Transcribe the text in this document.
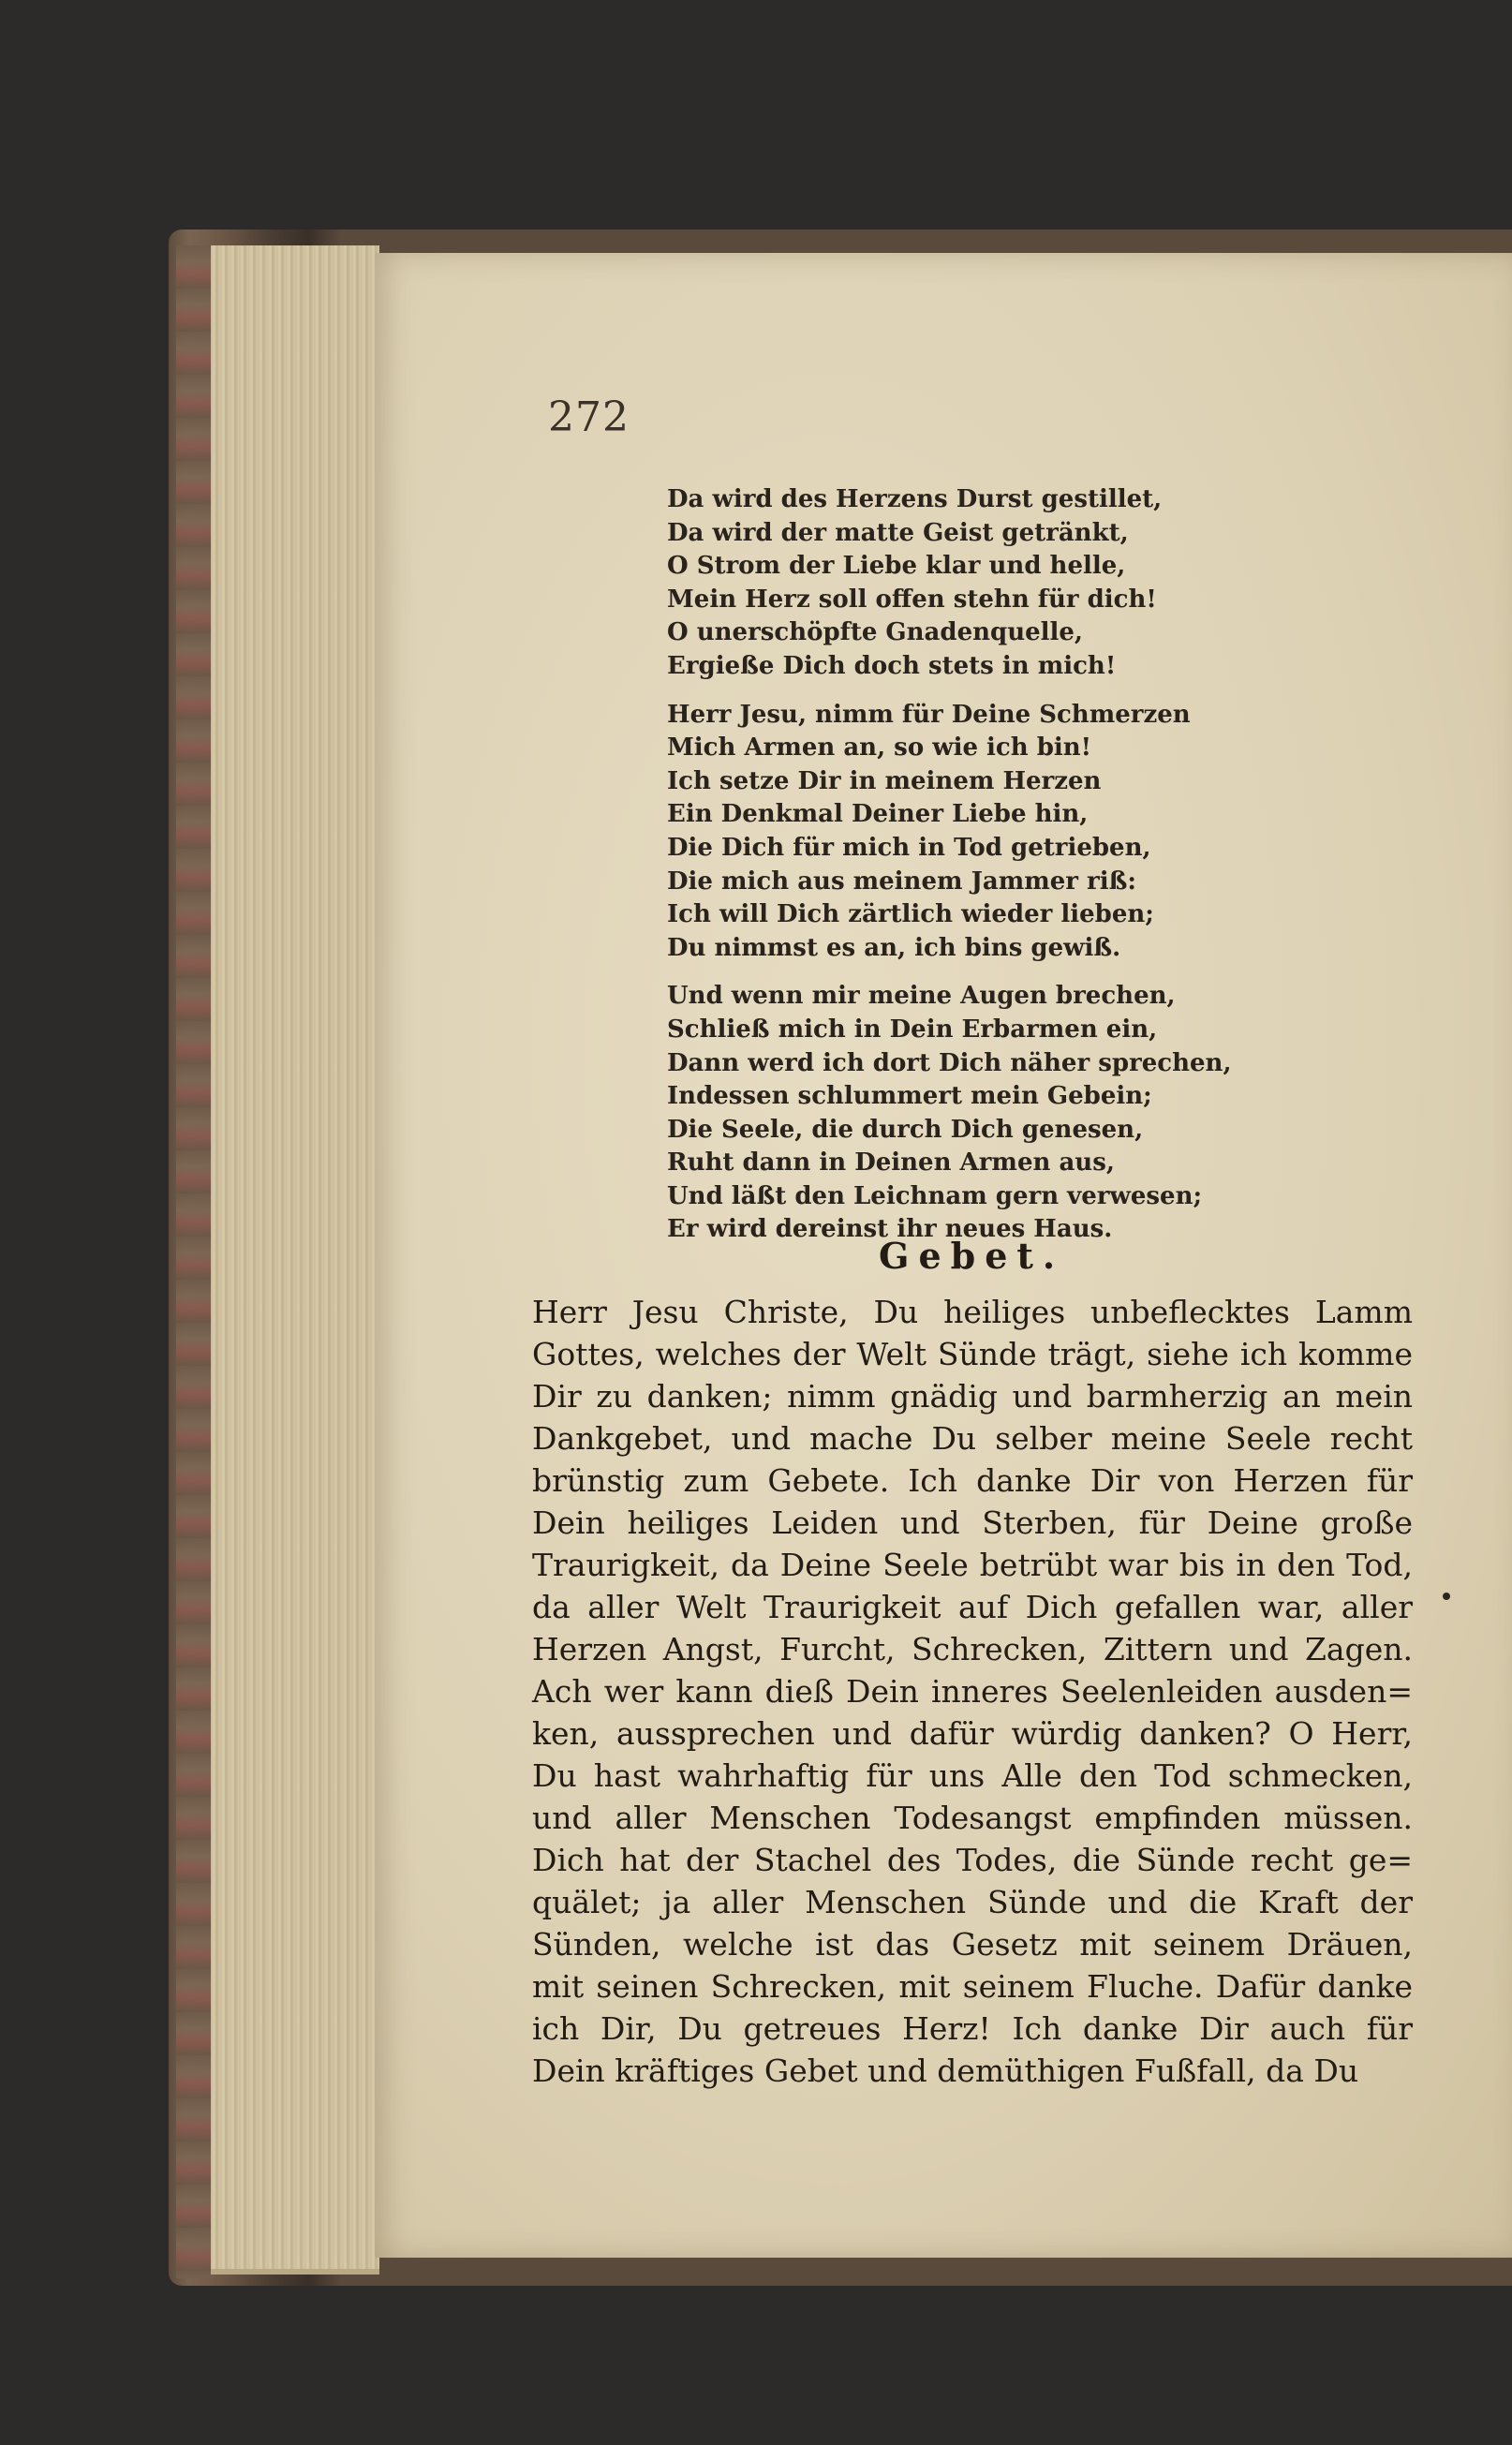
272
Da wird des Herzens Durst gestillet,
Da wird der matte Geist getränkt,
O Strom der Liebe klar und helle,
Mein Herz soll offen stehn für dich!
O unerschöpfte Gnadenquelle,
Ergieße Dich doch stets in mich!
Herr Jesu, nimm für Deine Schmerzen
Mich Armen an, so wie ich bin!
Ich setze Dir in meinem Herzen
Ein Denkmal Deiner Liebe hin,
Die Dich für mich in Tod getrieben,
Die mich aus meinem Jammer riß:
Ich will Dich zärtlich wieder lieben;
Du nimmst es an, ich bins gewiß.
Und wenn mir meine Augen brechen,
Schließ mich in Dein Erbarmen ein,
Dann werd ich dort Dich näher sprechen,
Indessen schlummert mein Gebein;
Die Seele, die durch Dich genesen,
Ruht dann in Deinen Armen aus,
Und läßt den Leichnam gern verwesen;
Er wird dereinst ihr neues Haus.
Gebet.
Herr Jesu Christe, Du heiliges unbeflecktes Lamm
Gottes, welches der Welt Sünde trägt, siehe ich komme
Dir zu danken; nimm gnädig und barmherzig an mein
Dankgebet, und mache Du selber meine Seele recht
brünstig zum Gebete. Ich danke Dir von Herzen für
Dein heiliges Leiden und Sterben, für Deine große
Traurigkeit, da Deine Seele betrübt war bis in den Tod,
da aller Welt Traurigkeit auf Dich gefallen war, aller
Herzen Angst, Furcht, Schrecken, Zittern und Zagen.
Ach wer kann dieß Dein inneres Seelenleiden ausden=
ken, aussprechen und dafür würdig danken? O Herr,
Du hast wahrhaftig für uns Alle den Tod schmecken,
und aller Menschen Todesangst empfinden müssen.
Dich hat der Stachel des Todes, die Sünde recht ge=
quälet; ja aller Menschen Sünde und die Kraft der
Sünden, welche ist das Gesetz mit seinem Dräuen,
mit seinen Schrecken, mit seinem Fluche. Dafür danke
ich Dir, Du getreues Herz! Ich danke Dir auch für
Dein kräftiges Gebet und demüthigen Fußfall, da Du
